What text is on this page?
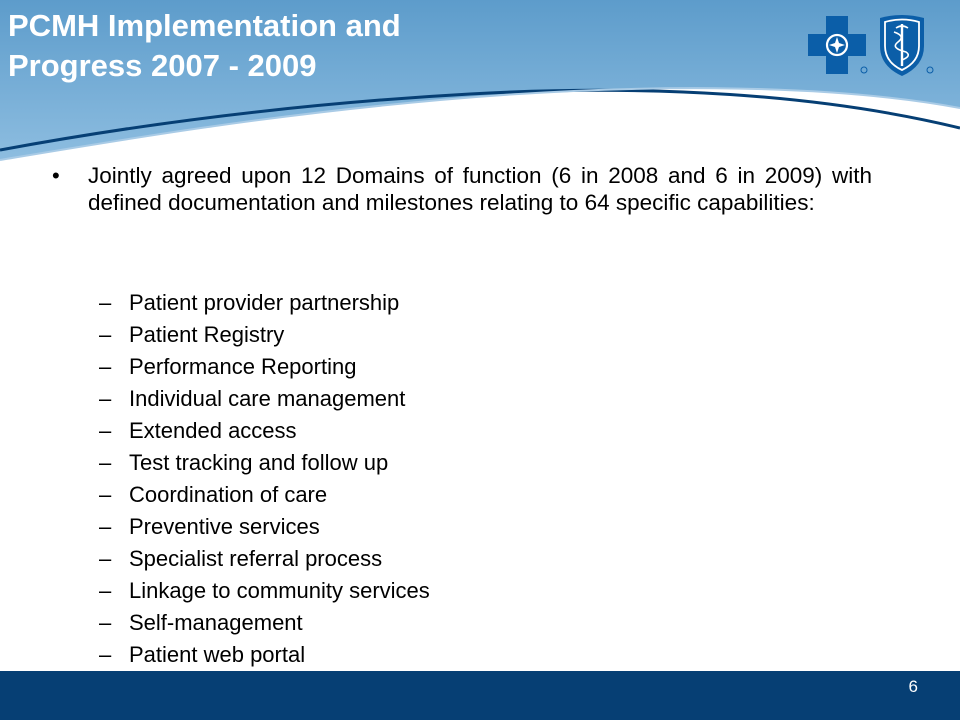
PCMH Implementation and
Progress 2007 - 2009
• Jointly agreed upon 12 Domains of function (6 in 2008 and 6 in 2009) with defined documentation and milestones relating to 64 specific capabilities:

– Patient provider partnership
– Patient Registry
– Performance Reporting
– Individual care management
– Extended access
– Test tracking and follow up
– Coordination of care
– Preventive services
– Specialist referral process
– Linkage to community services
– Self-management
– Patient web portal
6
